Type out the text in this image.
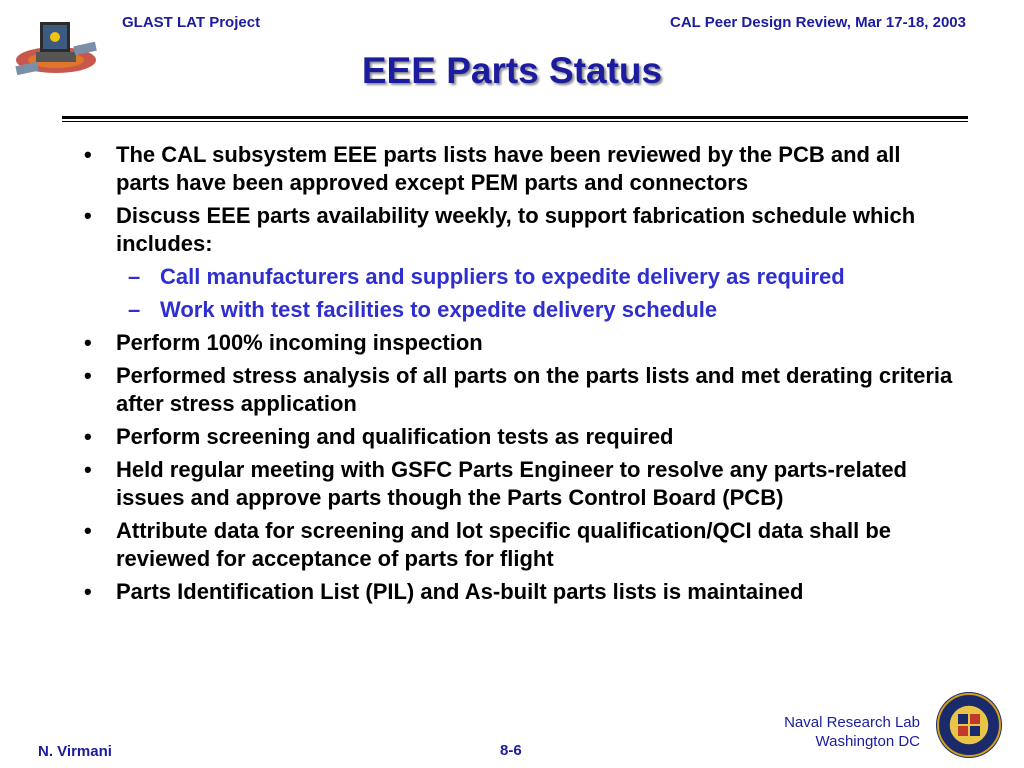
GLAST LAT Project	CAL Peer Design Review, Mar 17-18, 2003
EEE Parts Status
• The CAL subsystem EEE parts lists have been reviewed by the PCB and all parts have been approved except PEM parts and connectors
• Discuss EEE parts availability weekly, to support fabrication schedule which includes:
– Call manufacturers and suppliers to expedite delivery as required
– Work with test facilities to expedite delivery schedule
• Perform 100% incoming inspection
• Performed stress analysis of all parts on the parts lists and met derating criteria after stress application
• Perform screening and qualification tests as required
• Held regular meeting with GSFC Parts Engineer to resolve any parts-related issues and approve parts though the Parts Control Board (PCB)
• Attribute data for screening and lot specific qualification/QCI data shall be reviewed for acceptance of parts for flight
• Parts Identification List (PIL) and As-built parts lists is maintained
N. Virmani	8-6
Naval Research Lab
Washington DC
